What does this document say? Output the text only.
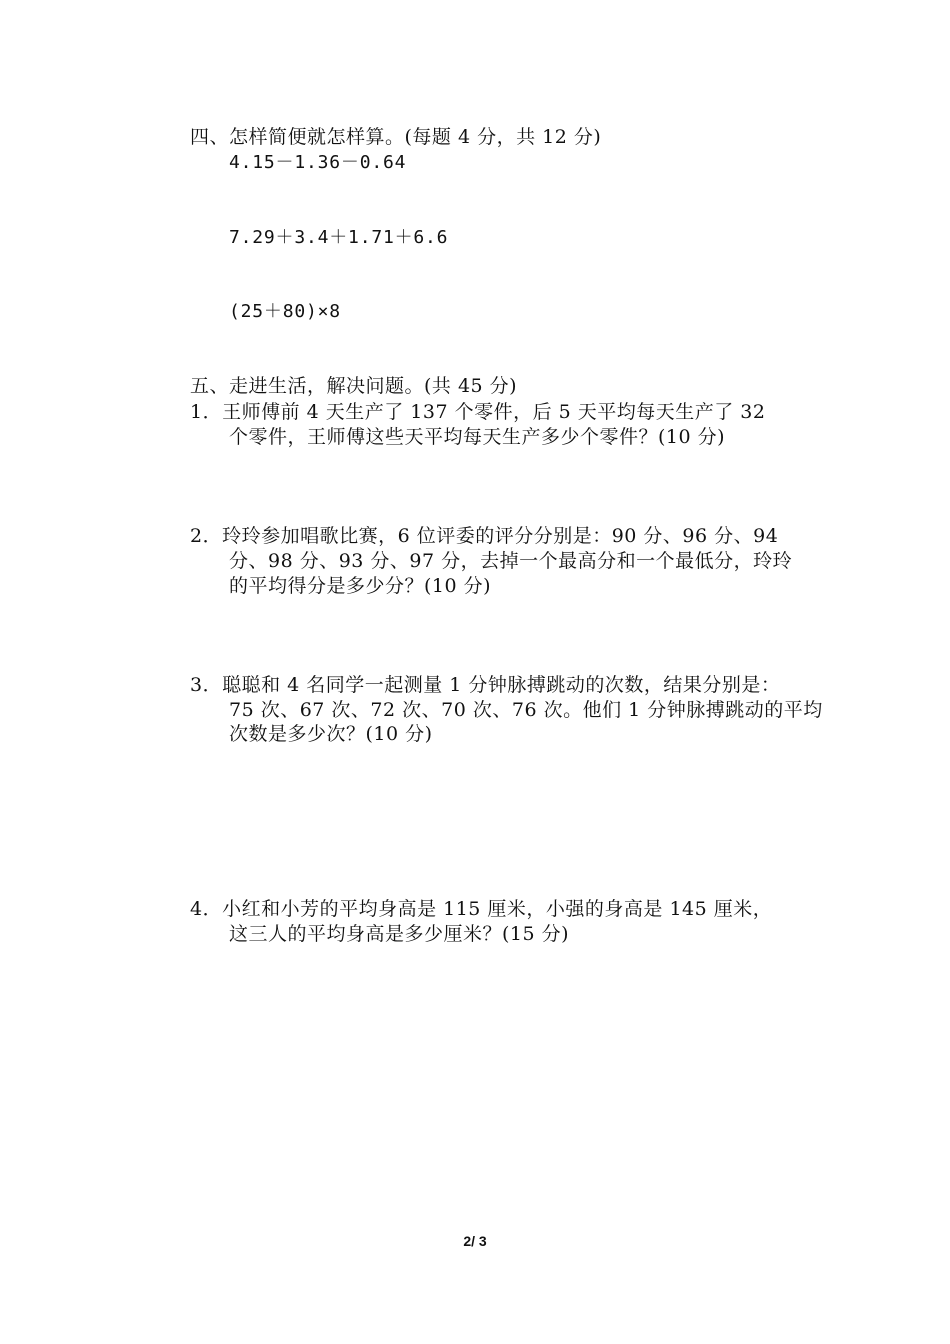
四、怎样简便就怎样算。(每题 4 分，共 12 分)
4.15－1.36－0.64
7.29＋3.4＋1.71＋6.6
(25＋80)×8
五、走进生活，解决问题。(共 45 分)
1．王师傅前 4 天生产了 137 个零件，后 5 天平均每天生产了 32
个零件，王师傅这些天平均每天生产多少个零件？(10 分)
2．玲玲参加唱歌比赛，6 位评委的评分分别是：90 分、96 分、94
分、98 分、93 分、97 分，去掉一个最高分和一个最低分，玲玲
的平均得分是多少分？(10 分)
3．聪聪和 4 名同学一起测量 1 分钟脉搏跳动的次数，结果分别是：
75 次、67 次、72 次、70 次、76 次。他们 1 分钟脉搏跳动的平均
次数是多少次？(10 分)
4．小红和小芳的平均身高是 115 厘米，小强的身高是 145 厘米，
这三人的平均身高是多少厘米？(15 分)
2/ 3
